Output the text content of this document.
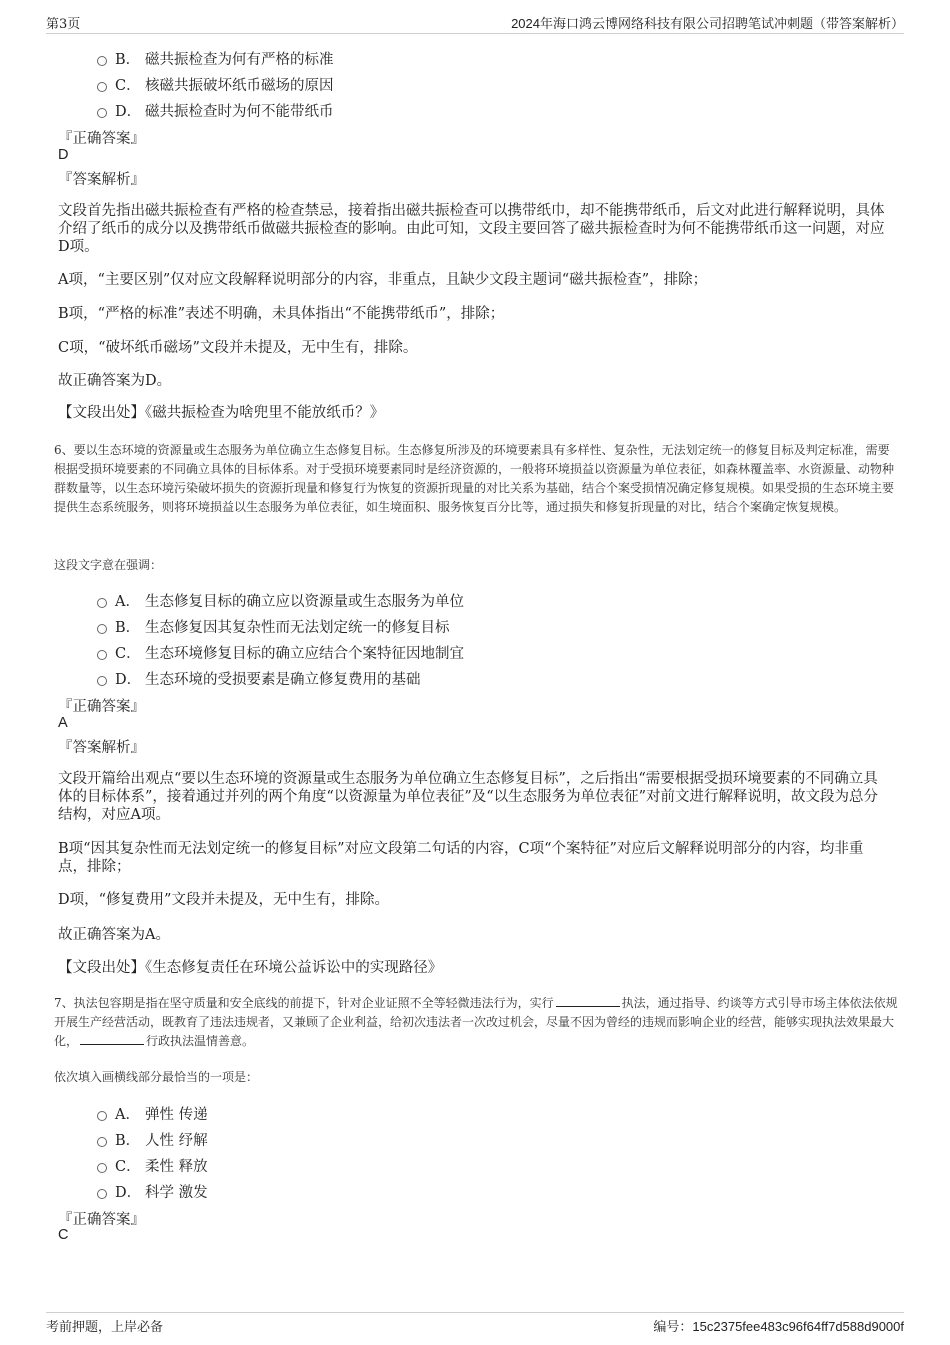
第3页	2024年海口鸿云博网络科技有限公司招聘笔试冲刺题（带答案解析）
B． 磁共振检查为何有严格的标准
C． 核磁共振破坏纸币磁场的原因
D． 磁共振检查时为何不能带纸币
『正确答案』
D
『答案解析』
文段首先指出磁共振检查有严格的检查禁忌，接着指出磁共振检查可以携带纸巾，却不能携带纸币，后文对此进行解释说明，具体介绍了纸币的成分以及携带纸币做磁共振检查的影响。由此可知，文段主要回答了磁共振检查时为何不能携带纸币这一问题，对应D项。
A项，“主要区别”仅对应文段解释说明部分的内容，非重点，且缺少文段主题词“磁共振检查”，排除；
B项，“严格的标准”表述不明确，未具体指出“不能携带纸币”，排除；
C项，“破坏纸币磁场”文段并未提及，无中生有，排除。
故正确答案为D。
【文段出处】《磁共振检查为啥兜里不能放纸币？》
6、要以生态环境的资源量或生态服务为单位确立生态修复目标。生态修复所涉及的环境要素具有多样性、复杂性，无法划定统一的修复目标及判定标准，需要根据受损环境要素的不同确立具体的目标体系。对于受损环境要素同时是经济资源的，一般将环境损益以资源量为单位表征，如森林覆盖率、水资源量、动物种群数量等，以生态环境污染破坏损失的资源折现量和修复行为恢复的资源折现量的对比关系为基础，结合个案受损情况确定修复规模。如果受损的生态环境主要提供生态系统服务，则将环境损益以生态服务为单位表征，如生境面积、服务恢复百分比等，通过损失和修复折现量的对比，结合个案确定恢复规模。
这段文字意在强调：
A． 生态修复目标的确立应以资源量或生态服务为单位
B． 生态修复因其复杂性而无法划定统一的修复目标
C． 生态环境修复目标的确立应结合个案特征因地制宜
D． 生态环境的受损要素是确立修复费用的基础
『正确答案』
A
『答案解析』
文段开篇给出观点“要以生态环境的资源量或生态服务为单位确立生态修复目标”，之后指出“需要根据受损环境要素的不同确立具体的目标体系”，接着通过并列的两个角度“以资源量为单位表征”及“以生态服务为单位表征”对前文进行解释说明，故文段为总分结构，对应A项。
B项“因其复杂性而无法划定统一的修复目标”对应文段第二句话的内容，C项“个案特征”对应后文解释说明部分的内容，均非重点，排除；
D项，“修复费用”文段并未提及，无中生有，排除。
故正确答案为A。
【文段出处】《生态修复责任在环境公益诉讼中的实现路径》
7、执法包容期是指在坚守质量和安全底线的前提下，针对企业证照不全等轻微违法行为，实行	执法，通过指导、约谈等方式引导市场主体依法依规开展生产经营活动，既教育了违法违规者，又兼顾了企业利益，给初次违法者一次改过机会，尽量不因为曾经的违规而影响企业的经营，能够实现执法效果最大化，	行政执法温情善意。
依次填入画横线部分最恰当的一项是：
A． 弹性 传递
B． 人性 纾解
C． 柔性 释放
D． 科学 激发
『正确答案』
C
考前押题，上岸必备	编号：15c2375fee483c96f64ff7d588d9000f
